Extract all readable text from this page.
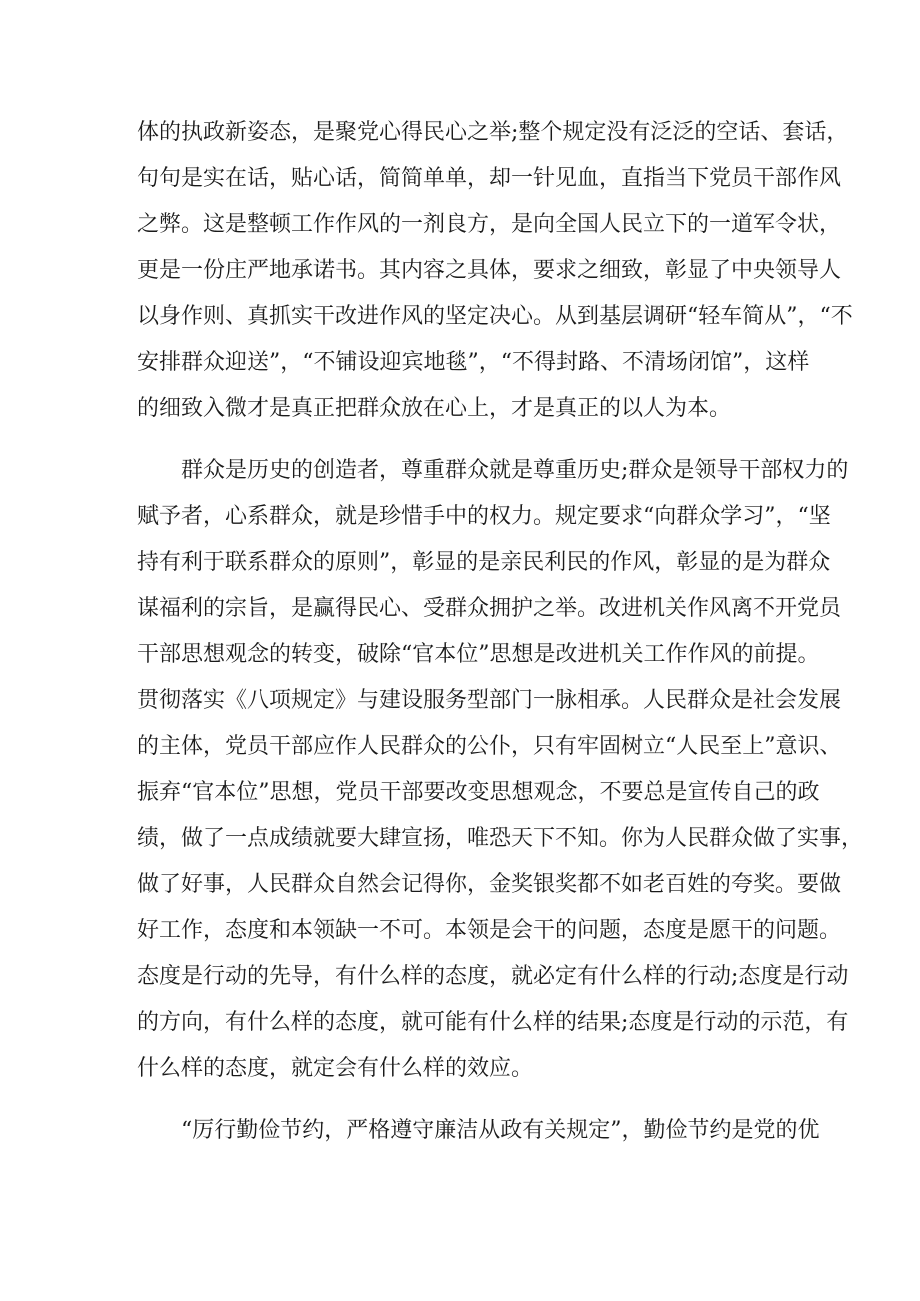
体的执政新姿态，是聚党心得民心之举;整个规定没有泛泛的空话、套话，
句句是实在话，贴心话，简简单单，却一针见血，直指当下党员干部作风
之弊。这是整顿工作作风的一剂良方，是向全国人民立下的一道军令状，
更是一份庄严地承诺书。其内容之具体，要求之细致，彰显了中央领导人
以身作则、真抓实干改进作风的坚定决心。从到基层调研“轻车简从”，“不
安排群众迎送”，“不铺设迎宾地毯”，“不得封路、不清场闭馆”，这样
的细致入微才是真正把群众放在心上，才是真正的以人为本。
群众是历史的创造者，尊重群众就是尊重历史;群众是领导干部权力的
赋予者，心系群众，就是珍惜手中的权力。规定要求“向群众学习”，“坚
持有利于联系群众的原则”，彰显的是亲民利民的作风，彰显的是为群众
谋福利的宗旨，是赢得民心、受群众拥护之举。改进机关作风离不开党员
干部思想观念的转变，破除“官本位”思想是改进机关工作作风的前提。
贯彻落实《八项规定》与建设服务型部门一脉相承。人民群众是社会发展
的主体，党员干部应作人民群众的公仆，只有牢固树立“人民至上”意识、
振弃“官本位”思想，党员干部要改变思想观念，不要总是宣传自己的政
绩，做了一点成绩就要大肆宣扬，唯恐天下不知。你为人民群众做了实事，
做了好事，人民群众自然会记得你，金奖银奖都不如老百姓的夸奖。要做
好工作，态度和本领缺一不可。本领是会干的问题，态度是愿干的问题。
态度是行动的先导，有什么样的态度，就必定有什么样的行动;态度是行动
的方向，有什么样的态度，就可能有什么样的结果;态度是行动的示范，有
什么样的态度，就定会有什么样的效应。
“厉行勤俭节约，严格遵守廉洁从政有关规定”，勤俭节约是党的优
